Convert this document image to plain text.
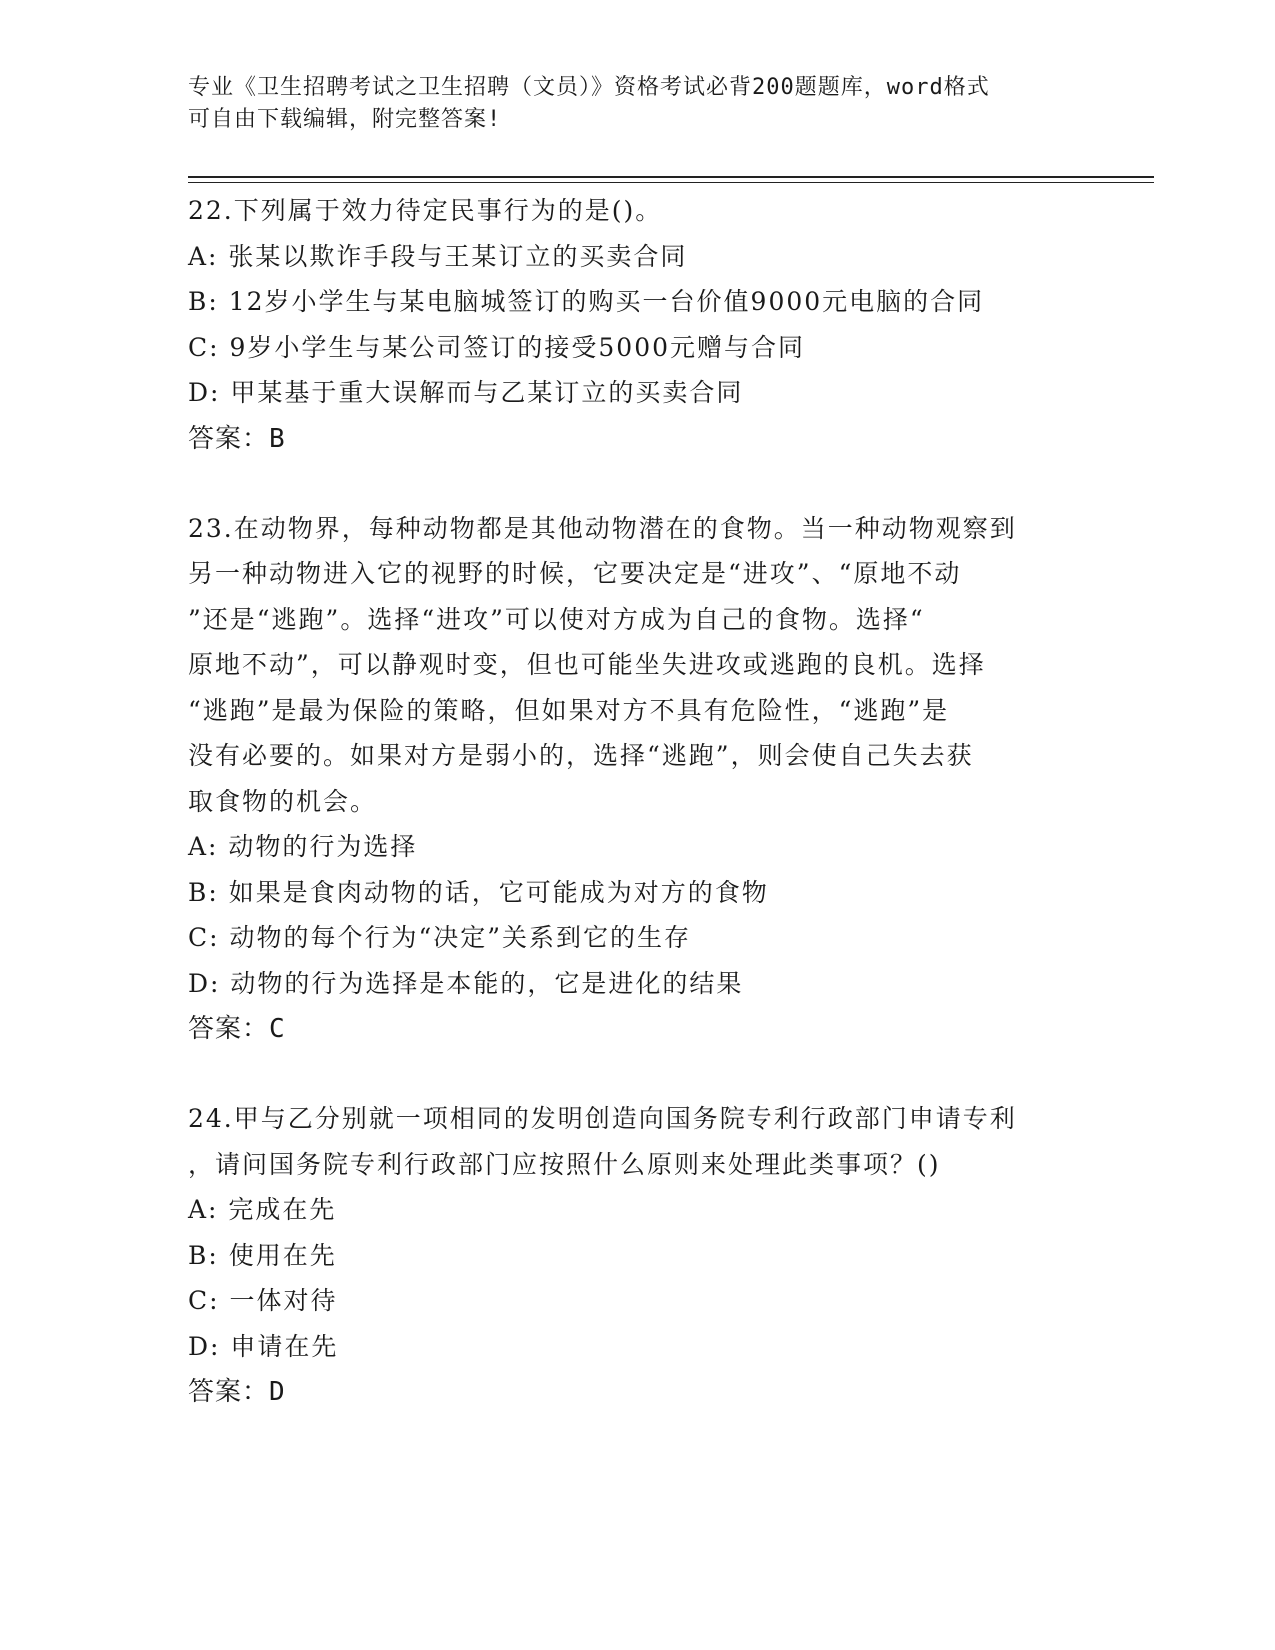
专业《卫生招聘考试之卫生招聘（文员）》资格考试必背200题题库，word格式
可自由下载编辑，附完整答案!
22.下列属于效力待定民事行为的是()。
A: 张某以欺诈手段与王某订立的买卖合同
B: 12岁小学生与某电脑城签订的购买一台价值9000元电脑的合同
C: 9岁小学生与某公司签订的接受5000元赠与合同
D: 甲某基于重大误解而与乙某订立的买卖合同
答案：B
23.在动物界，每种动物都是其他动物潜在的食物。当一种动物观察到
另一种动物进入它的视野的时候，它要决定是“进攻”、“原地不动
”还是“逃跑”。选择“进攻”可以使对方成为自己的食物。选择“
原地不动”，可以静观时变，但也可能坐失进攻或逃跑的良机。选择
“逃跑”是最为保险的策略，但如果对方不具有危险性，“逃跑”是
没有必要的。如果对方是弱小的，选择“逃跑”，则会使自己失去获
取食物的机会。
A: 动物的行为选择
B: 如果是食肉动物的话，它可能成为对方的食物
C: 动物的每个行为“决定”关系到它的生存
D: 动物的行为选择是本能的，它是进化的结果
答案：C
24.甲与乙分别就一项相同的发明创造向国务院专利行政部门申请专利
，请问国务院专利行政部门应按照什么原则来处理此类事项？()
A: 完成在先
B: 使用在先
C: 一体对待
D: 申请在先
答案：D
